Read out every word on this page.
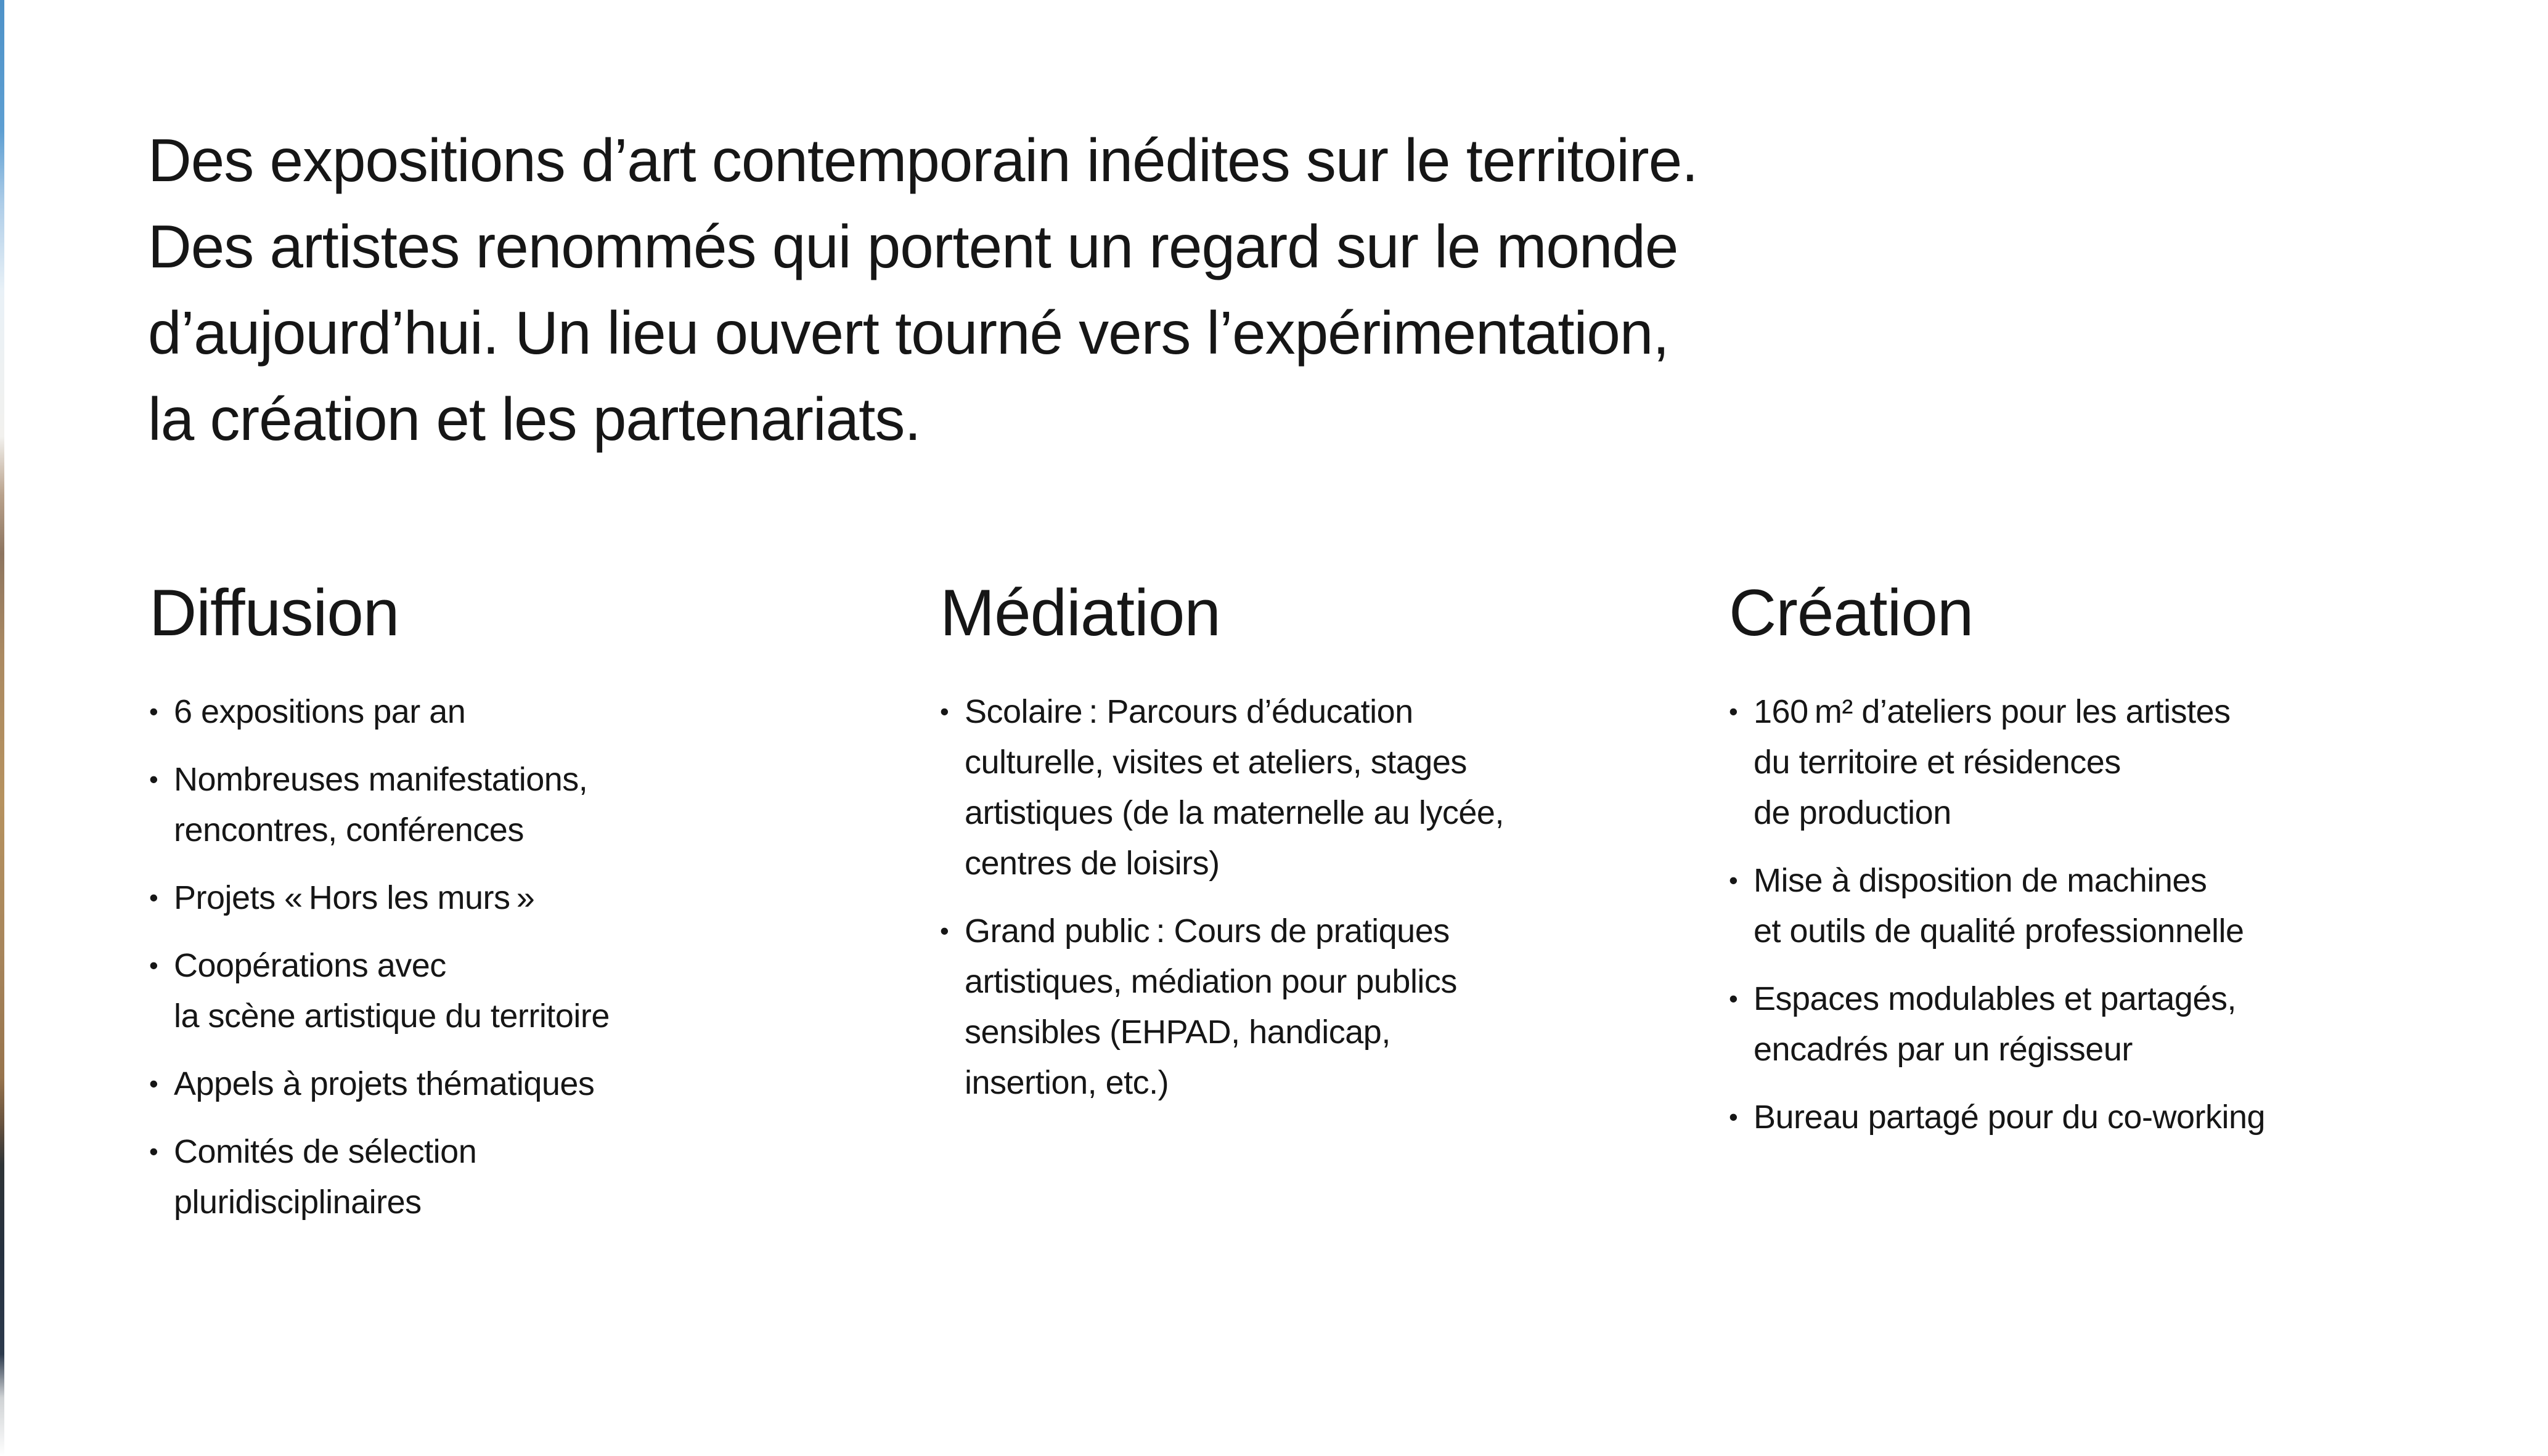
Des expositions d’art contemporain inédites sur le territoire.
Des artistes renommés qui portent un regard sur le monde
d’aujourd’hui. Un lieu ouvert tourné vers l’expérimentation,
la création et les partenariats.
Diffusion
• 6 expositions par an
• Nombreuses manifestations,
rencontres, conférences
• Projets « Hors les murs »
• Coopérations avec
la scène artistique du territoire
• Appels à projets thématiques
• Comités de sélection
pluridisciplinaires
Médiation
• Scolaire : Parcours d’éducation
culturelle, visites et ateliers, stages
artistiques (de la maternelle au lycée,
centres de loisirs)
• Grand public : Cours de pratiques
artistiques, médiation pour publics
sensibles (EHPAD, handicap,
insertion, etc.)
Création
• 160 m² d’ateliers pour les artistes
du territoire et résidences
de production
• Mise à disposition de machines
et outils de qualité professionnelle
• Espaces modulables et partagés,
encadrés par un régisseur
• Bureau partagé pour du co-working
